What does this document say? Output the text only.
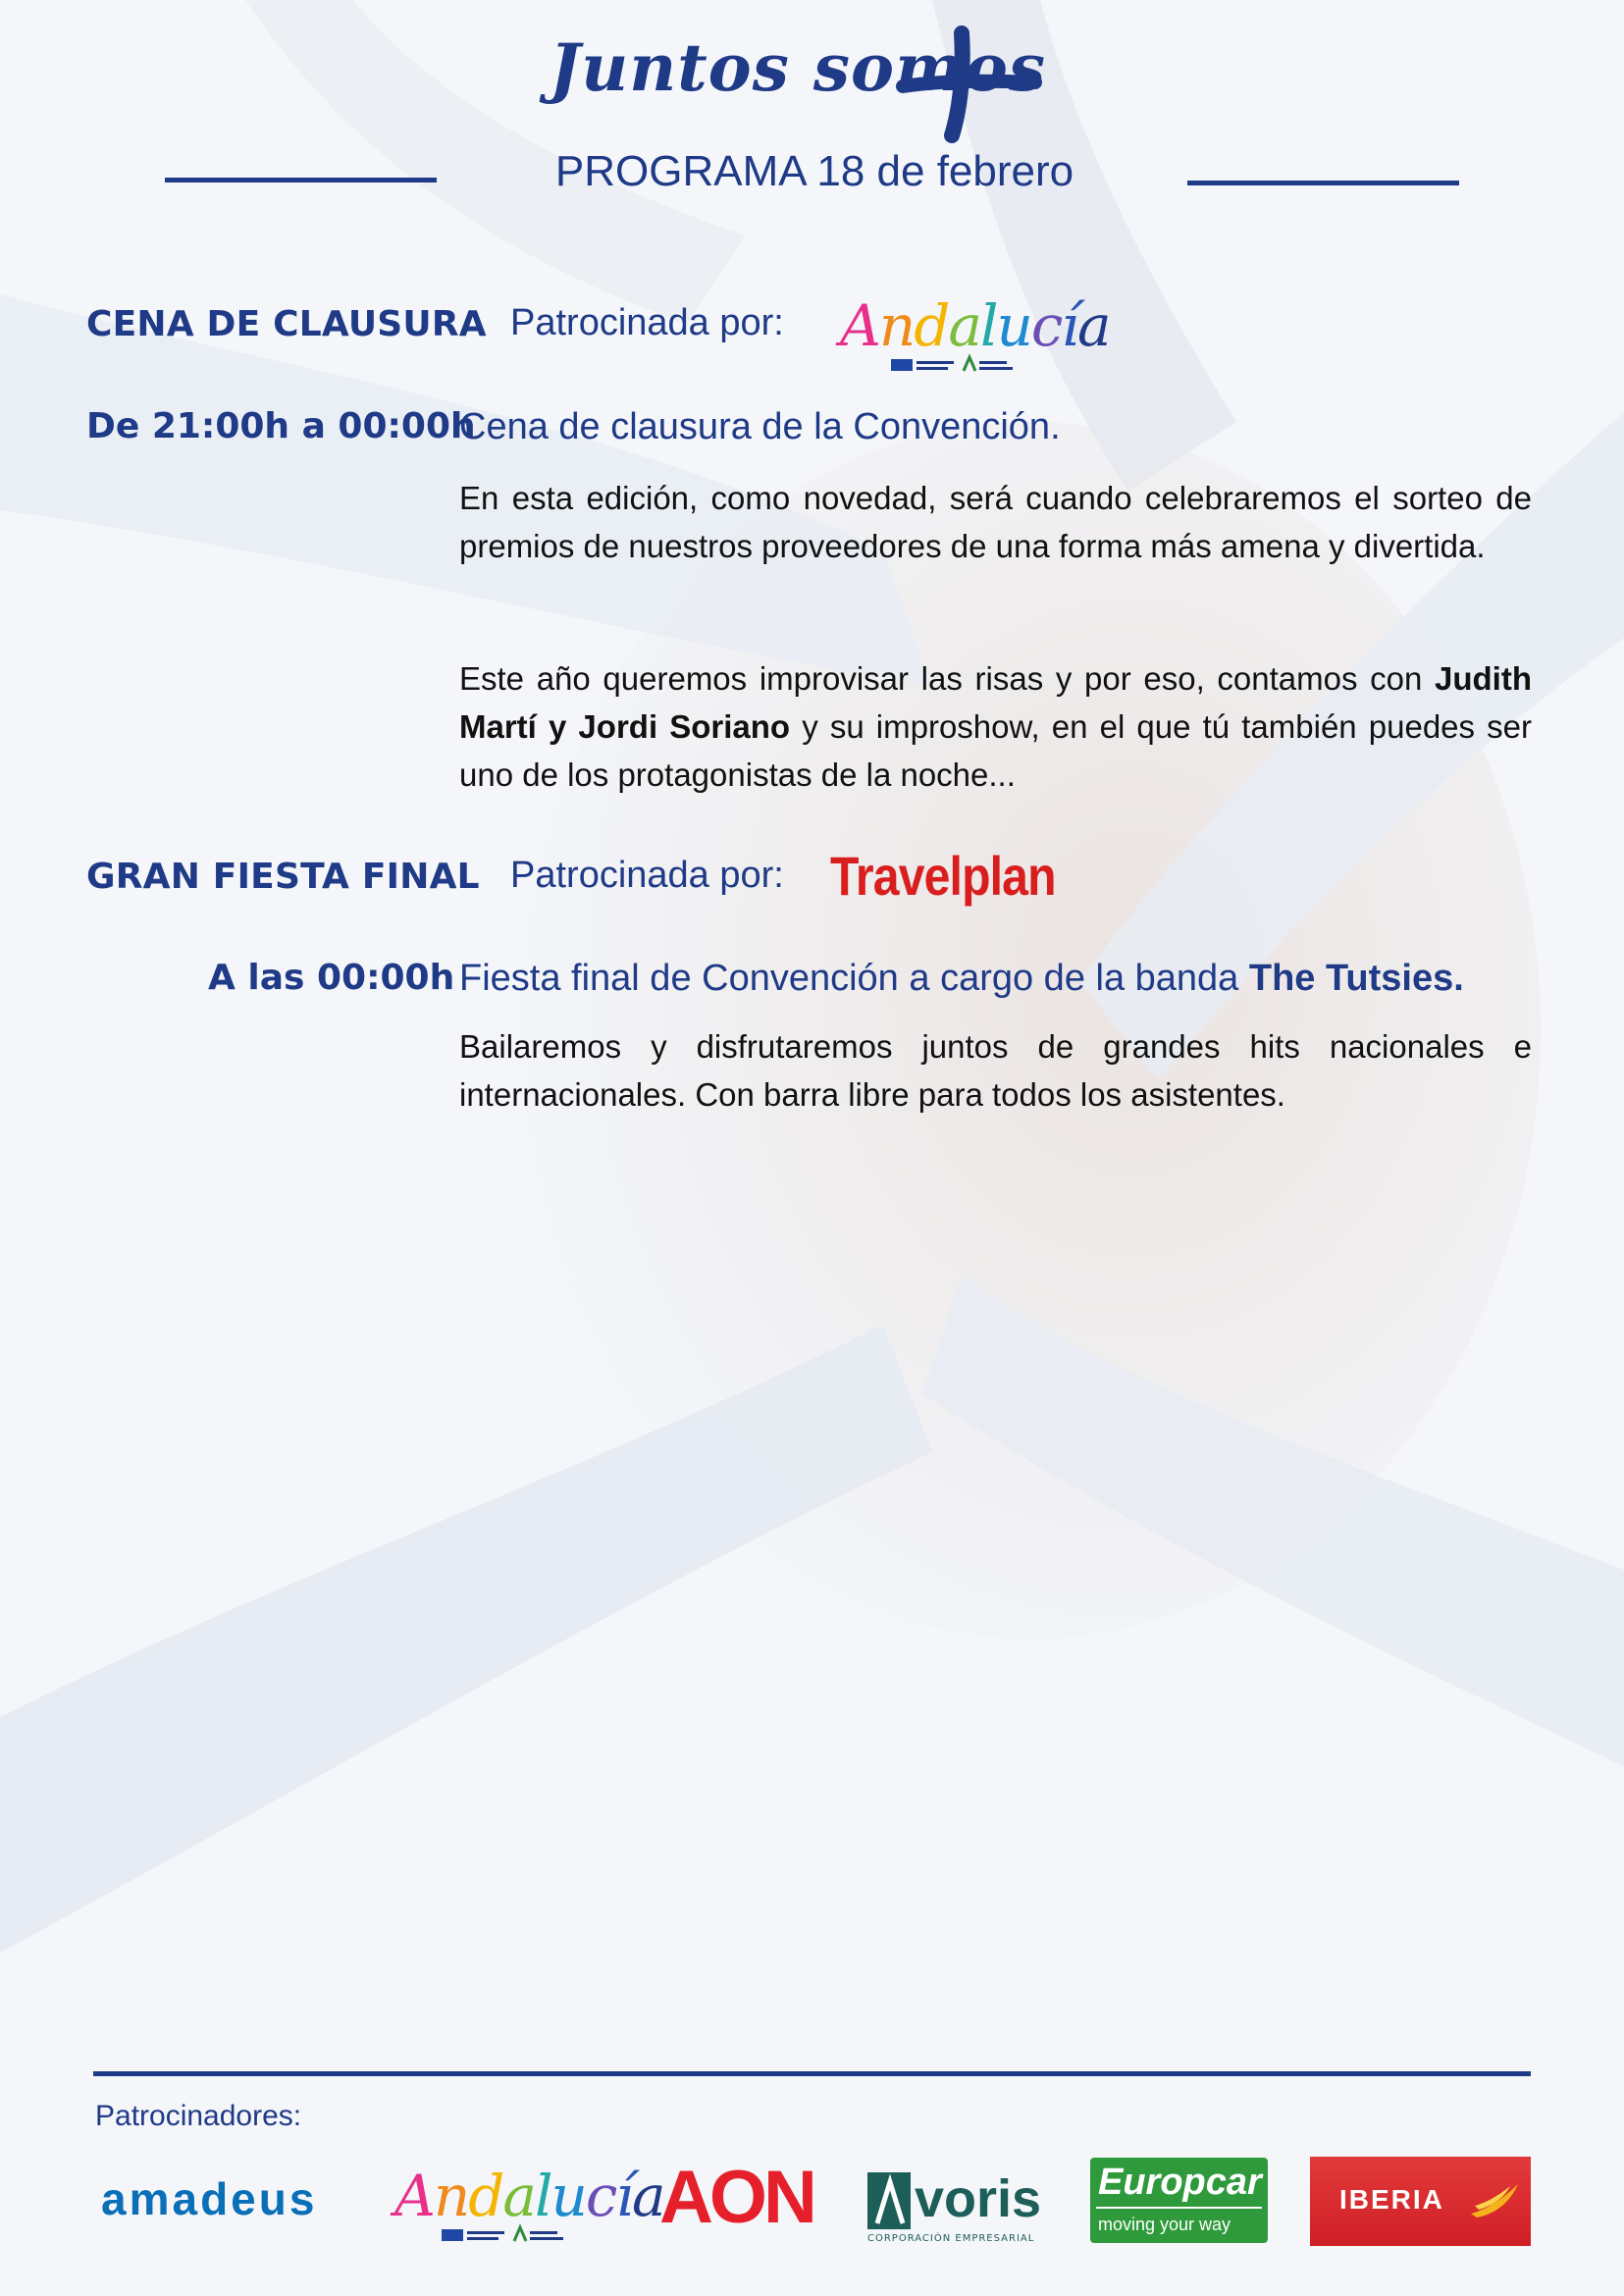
Juntos somos
PROGRAMA 18 de febrero
CENA DE CLAUSURA Patrocinada por: Andalucía
De 21:00h a 00:00h
Cena de clausura de la Convención.
En esta edición, como novedad, será cuando celebraremos el sorteo de premios de nuestros proveedores de una forma más amena y divertida.
Este año queremos improvisar las risas y por eso, contamos con Judith Martí y Jordi Soriano y su improshow, en el que tú también puedes ser uno de los protagonistas de la noche...
GRAN FIESTA FINAL Patrocinada por: Travelplan
A las 00:00h Fiesta final de Convención a cargo de la banda The Tutsies.
Bailaremos y disfrutaremos juntos de grandes hits nacionales e internacionales. Con barra libre para todos los asistentes.
Patrocinadores:
amadeus Andalucía
AON voris
CORPORACIÓN EMPRESARIAL
Europcar
moving your way
IBERIA
